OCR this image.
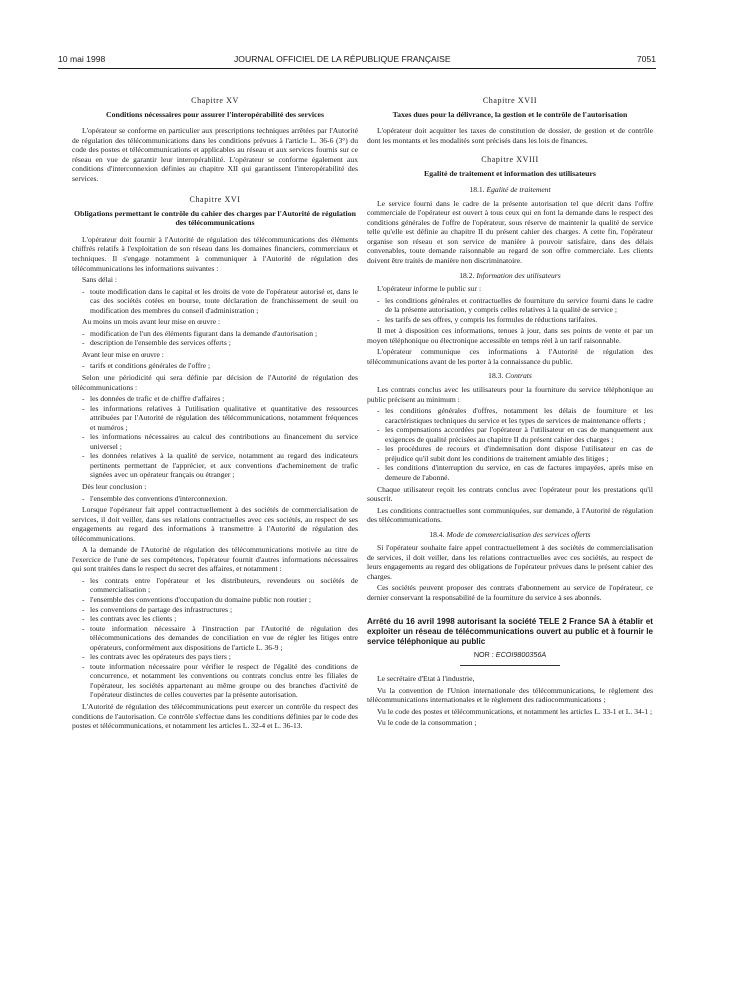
10 mai 1998	JOURNAL OFFICIEL DE LA RÉPUBLIQUE FRANÇAISE	7051
Chapitre XV
Conditions nécessaires pour assurer l'interopérabilité des services

L'opérateur se conforme en particulier aux prescriptions techniques arrêtées par l'Autorité de régulation des télécommunications dans les conditions prévues à l'article L. 36-6 (3°) du code des postes et télécommunications et applicables au réseau et aux services fournis sur ce réseau en vue de garantir leur interopérabilité. L'opérateur se conforme également aux conditions d'interconnexion définies au chapitre XII qui garantissent l'interopérabilité des services.

Chapitre XVI
Obligations permettant le contrôle du cahier des charges par l'Autorité de régulation des télécommunications

L'opérateur doit fournir à l'Autorité de régulation des télécommunications des éléments chiffrés relatifs à l'exploitation de son réseau dans les domaines financiers, commerciaux et techniques. Il s'engage notamment à communiquer à l'Autorité de régulation des télécommunications les informations suivantes :

Sans délai :

- toute modification dans le capital et les droits de vote de l'opérateur autorisé et, dans le cas des sociétés cotées en bourse, toute déclaration de franchissement de seuil ou modification des membres du conseil d'administration ;

Au moins un mois avant leur mise en œuvre :

- modification de l'un des éléments figurant dans la demande d'autorisation ;
- description de l'ensemble des services offerts ;

Avant leur mise en œuvre :

- tarifs et conditions générales de l'offre ;

Selon une périodicité qui sera définie par décision de l'Autorité de régulation des télécommunications :

- les données de trafic et de chiffre d'affaires ;
- les informations relatives à l'utilisation qualitative et quantitative des ressources attribuées par l'Autorité de régulation des télécommunications, notamment fréquences et numéros ;
- les informations nécessaires au calcul des contributions au financement du service universel ;
- les données relatives à la qualité de service, notamment au regard des indicateurs pertinents permettant de l'apprécier, et aux conventions d'acheminement de trafic signées avec un opérateur français ou étranger ;

Dès leur conclusion :

- l'ensemble des conventions d'interconnexion.

Lorsque l'opérateur fait appel contractuellement à des sociétés de commercialisation de services, il doit veiller, dans ses relations contractuelles avec ces sociétés, au respect de ses engagements au regard des informations à transmettre à l'Autorité de régulation des télécommunications.

A la demande de l'Autorité de régulation des télécommunications motivée au titre de l'exercice de l'une de ses compétences, l'opérateur fournit d'autres informations nécessaires qui sont traitées dans le respect du secret des affaires, et notamment :

- les contrats entre l'opérateur et les distributeurs, revendeurs ou sociétés de commercialisation ;
- l'ensemble des conventions d'occupation du domaine public non routier ;
- les conventions de partage des infrastructures ;
- les contrats avec les clients ;
- toute information nécessaire à l'instruction par l'Autorité de régulation des télécommunications des demandes de conciliation en vue de régler les litiges entre opérateurs, conformément aux dispositions de l'article L. 36-9 ;
- les contrats avec les opérateurs des pays tiers ;
- toute information nécessaire pour vérifier le respect de l'égalité des conditions de concurrence, et notamment les conventions ou contrats conclus entre les filiales de l'opérateur, les sociétés appartenant au même groupe ou des branches d'activité de l'opérateur distinctes de celles couvertes par la présente autorisation.

L'Autorité de régulation des télécommunications peut exercer un contrôle du respect des conditions de l'autorisation. Ce contrôle s'effectue dans les conditions définies par le code des postes et télécommunications, et notamment les articles L. 32-4 et L. 36-13.

Chapitre XVII
Taxes dues pour la délivrance, la gestion et le contrôle de l'autorisation

L'opérateur doit acquitter les taxes de constitution de dossier, de gestion et de contrôle dont les montants et les modalités sont précisés dans les lois de finances.

Chapitre XVIII
Egalité de traitement et information des utilisateurs
18.1. Egalité de traitement

Le service fourni dans le cadre de la présente autorisation tel que décrit dans l'offre commerciale de l'opérateur est ouvert à tous ceux qui en font la demande dans le respect des conditions générales de l'offre de l'opérateur, sous réserve de maintenir la qualité de service telle qu'elle est définie au chapitre II du présent cahier des charges. A cette fin, l'opérateur organise son réseau et son service de manière à pouvoir satisfaire, dans des délais convenables, toute demande raisonnable au regard de son offre commerciale. Les clients doivent être traités de manière non discriminatoire.

18.2. Information des utilisateurs

L'opérateur informe le public sur :

- les conditions générales et contractuelles de fourniture du service fourni dans le cadre de la présente autorisation, y compris celles relatives à la qualité de service ;
- les tarifs de ses offres, y compris les formules de réductions tarifaires.

Il met à disposition ces informations, tenues à jour, dans ses points de vente et par un moyen téléphonique ou électronique accessible en temps réel à un tarif raisonnable.

L'opérateur communique ces informations à l'Autorité de régulation des télécommunications avant de les porter à la connaissance du public.

18.3. Contrats

Les contrats conclus avec les utilisateurs pour la fourniture du service téléphonique au public précisent au minimum :

- les conditions générales d'offres, notamment les délais de fourniture et les caractéristiques techniques du service et les types de services de maintenance offerts ;
- les compensations accordées par l'opérateur à l'utilisateur en cas de manquement aux exigences de qualité précisées au chapitre II du présent cahier des charges ;
- les procédures de recours et d'indemnisation dont dispose l'utilisateur en cas de préjudice qu'il subit dont les conditions de traitement amiable des litiges ;
- les conditions d'interruption du service, en cas de factures impayées, après mise en demeure de l'abonné.

Chaque utilisateur reçoit les contrats conclus avec l'opérateur pour les prestations qu'il souscrit.

Les conditions contractuelles sont communiquées, sur demande, à l'Autorité de régulation des télécommunications.

18.4. Mode de commercialisation des services offerts

Si l'opérateur souhaite faire appel contractuellement à des sociétés de commercialisation de services, il doit veiller, dans les relations contractuelles avec ces sociétés, au respect de leurs engagements au regard des obligations de l'opérateur prévues dans le présent cahier des charges.

Ces sociétés peuvent proposer des contrats d'abonnement au service de l'opérateur, ce dernier conservant la responsabilité de la fourniture du service à ses abonnés.

Arrêté du 16 avril 1998 autorisant la société TELE 2 France SA à établir et exploiter un réseau de télécommunications ouvert au public et à fournir le service téléphonique au public
NOR : ECOI9800356A

Le secrétaire d'Etat à l'industrie,

Vu la convention de l'Union internationale des télécommunications, le règlement des télécommunications internationales et le règlement des radiocommunications ;

Vu le code des postes et télécommunications, et notamment les articles L. 33-1 et L. 34-1 ;

Vu le code de la consommation ;
